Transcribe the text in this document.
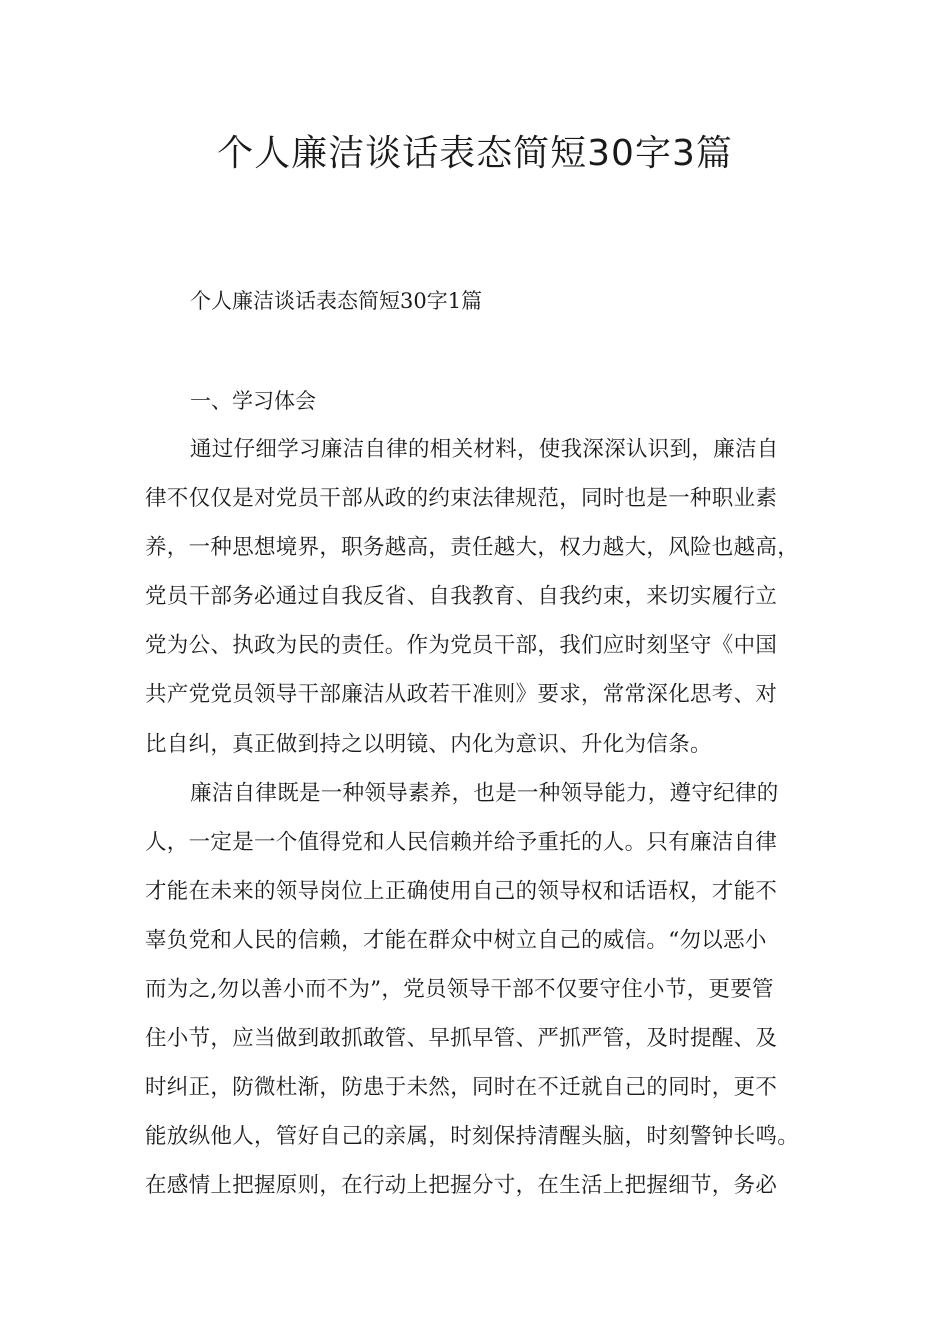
个人廉洁谈话表态简短30字3篇

个人廉洁谈话表态简短30字1篇

一、学习体会

通过仔细学习廉洁自律的相关材料，使我深深认识到，廉洁自
律不仅仅是对党员干部从政的约束法律规范，同时也是一种职业素
养，一种思想境界，职务越高，责任越大，权力越大，风险也越高，
党员干部务必通过自我反省、自我教育、自我约束，来切实履行立
党为公、执政为民的责任。作为党员干部，我们应时刻坚守《中国
共产党党员领导干部廉洁从政若干准则》要求，常常深化思考、对
比自纠，真正做到持之以明镜、内化为意识、升化为信条。
廉洁自律既是一种领导素养，也是一种领导能力，遵守纪律的
人，一定是一个值得党和人民信赖并给予重托的人。只有廉洁自律
才能在未来的领导岗位上正确使用自己的领导权和话语权，才能不
辜负党和人民的信赖，才能在群众中树立自己的威信。“勿以恶小
而为之,勿以善小而不为”，党员领导干部不仅要守住小节，更要管
住小节，应当做到敢抓敢管、早抓早管、严抓严管，及时提醒、及
时纠正，防微杜渐，防患于未然，同时在不迁就自己的同时，更不
能放纵他人，管好自己的亲属，时刻保持清醒头脑，时刻警钟长鸣。
在感情上把握原则，在行动上把握分寸，在生活上把握细节，务必
